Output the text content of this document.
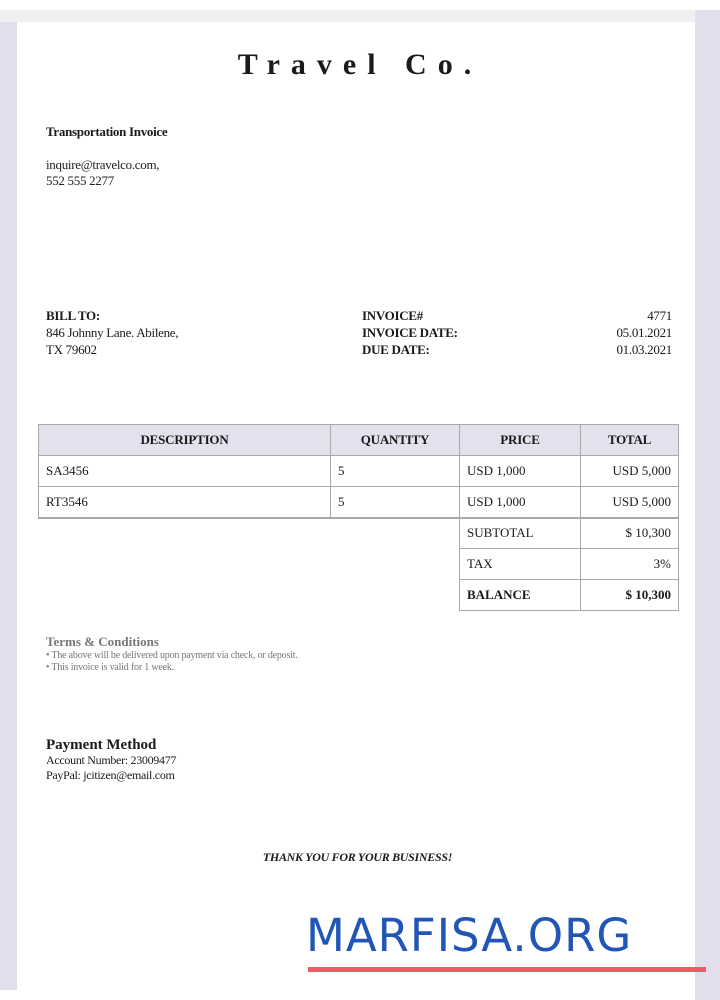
Travel Co.
Transportation Invoice
inquire@travelco.com,
552 555 2277
BILL TO:
846 Johnny Lane. Abilene,
TX 79602
INVOICE#	4771
INVOICE DATE:	05.01.2021
DUE DATE:	01.03.2021
DESCRIPTION	QUANTITY	PRICE	TOTAL
SA3456	5	USD 1,000	USD 5,000
RT3546	5	USD 1,000	USD 5,000
		SUBTOTAL	$ 10,300
		TAX	3%
		BALANCE	$ 10,300
Terms & Conditions
• The above will be delivered upon payment via check, or deposit.
• This invoice is valid for 1 week.
Payment Method
Account Number: 23009477
PayPal: jcitizen@email.com
THANK YOU FOR YOUR BUSINESS!
MARFISA.ORG
